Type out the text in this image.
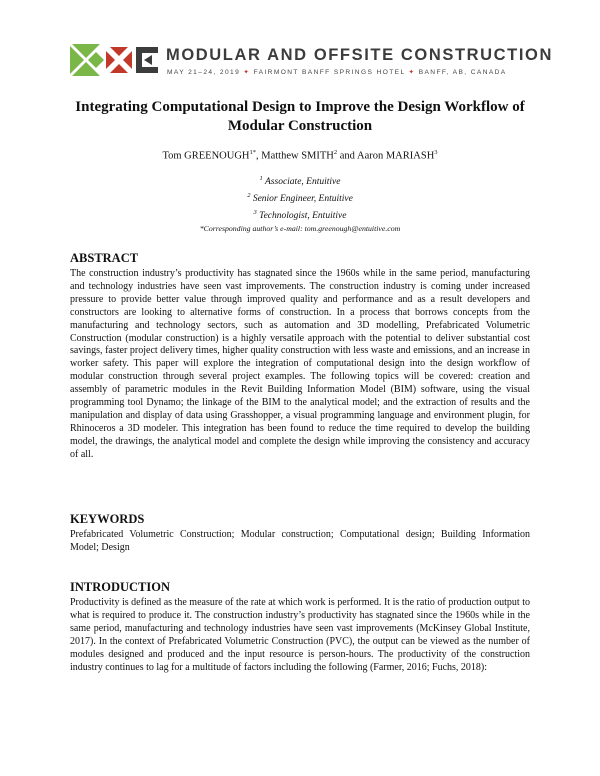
MODULAR AND OFFSITE CONSTRUCTION
MAY 21–24, 2019 ✦ FAIRMONT BANFF SPRINGS HOTEL ✦ BANFF, AB, CANADA
Integrating Computational Design to Improve the Design Workflow of Modular Construction
Tom $GREENOUGH^{1*}$, Matthew SMITH$^2$ and Aaron MARIASH$^3$
$^1$ Associate, Entuitive
$^2$ Senior Engineer, Entuitive
$^3$ Technologist, Entuitive
*Corresponding author’s e-mail: tom.greenough@entuitive.com
ABSTRACT

The construction industry’s productivity has stagnated since the 1960s while in the same period, manufacturing and technology industries have seen vast improvements. The construction industry is coming under increased pressure to provide better value through improved quality and performance and as a result developers and constructors are looking to alternative forms of construction. In a process that borrows concepts from the manufacturing and technology sectors, such as automation and 3D modelling, Prefabricated Volumetric Construction (modular construction) is a highly versatile approach with the potential to deliver substantial cost savings, faster project delivery times, higher quality construction with less waste and emissions, and an increase in worker safety. This paper will explore the integration of computational design into the design workflow of modular construction through several project examples. The following topics will be covered: creation and assembly of parametric modules in the Revit Building Information Model (BIM) software, using the visual programming tool Dynamo; the linkage of the BIM to the analytical model; and the extraction of results and the manipulation and display of data using Grasshopper, a visual programming language and environment plugin, for Rhinoceros a 3D modeler. This integration has been found to reduce the time required to develop the building model, the drawings, the analytical model and complete the design while improving the consistency and accuracy of all.

KEYWORDS

Prefabricated Volumetric Construction; Modular construction; Computational design; Building Information Model; Design

INTRODUCTION

Productivity is defined as the measure of the rate at which work is performed. It is the ratio of production output to what is required to produce it. The construction industry’s productivity has stagnated since the 1960s while in the same period, manufacturing and technology industries have seen vast improvements (McKinsey Global Institute, 2017). In the context of Prefabricated Volumetric Construction (PVC), the output can be viewed as the number of modules designed and produced and the input resource is person-hours. The productivity of the construction industry continues to lag for a multitude of factors including the following (Farmer, 2016; Fuchs, 2018):
